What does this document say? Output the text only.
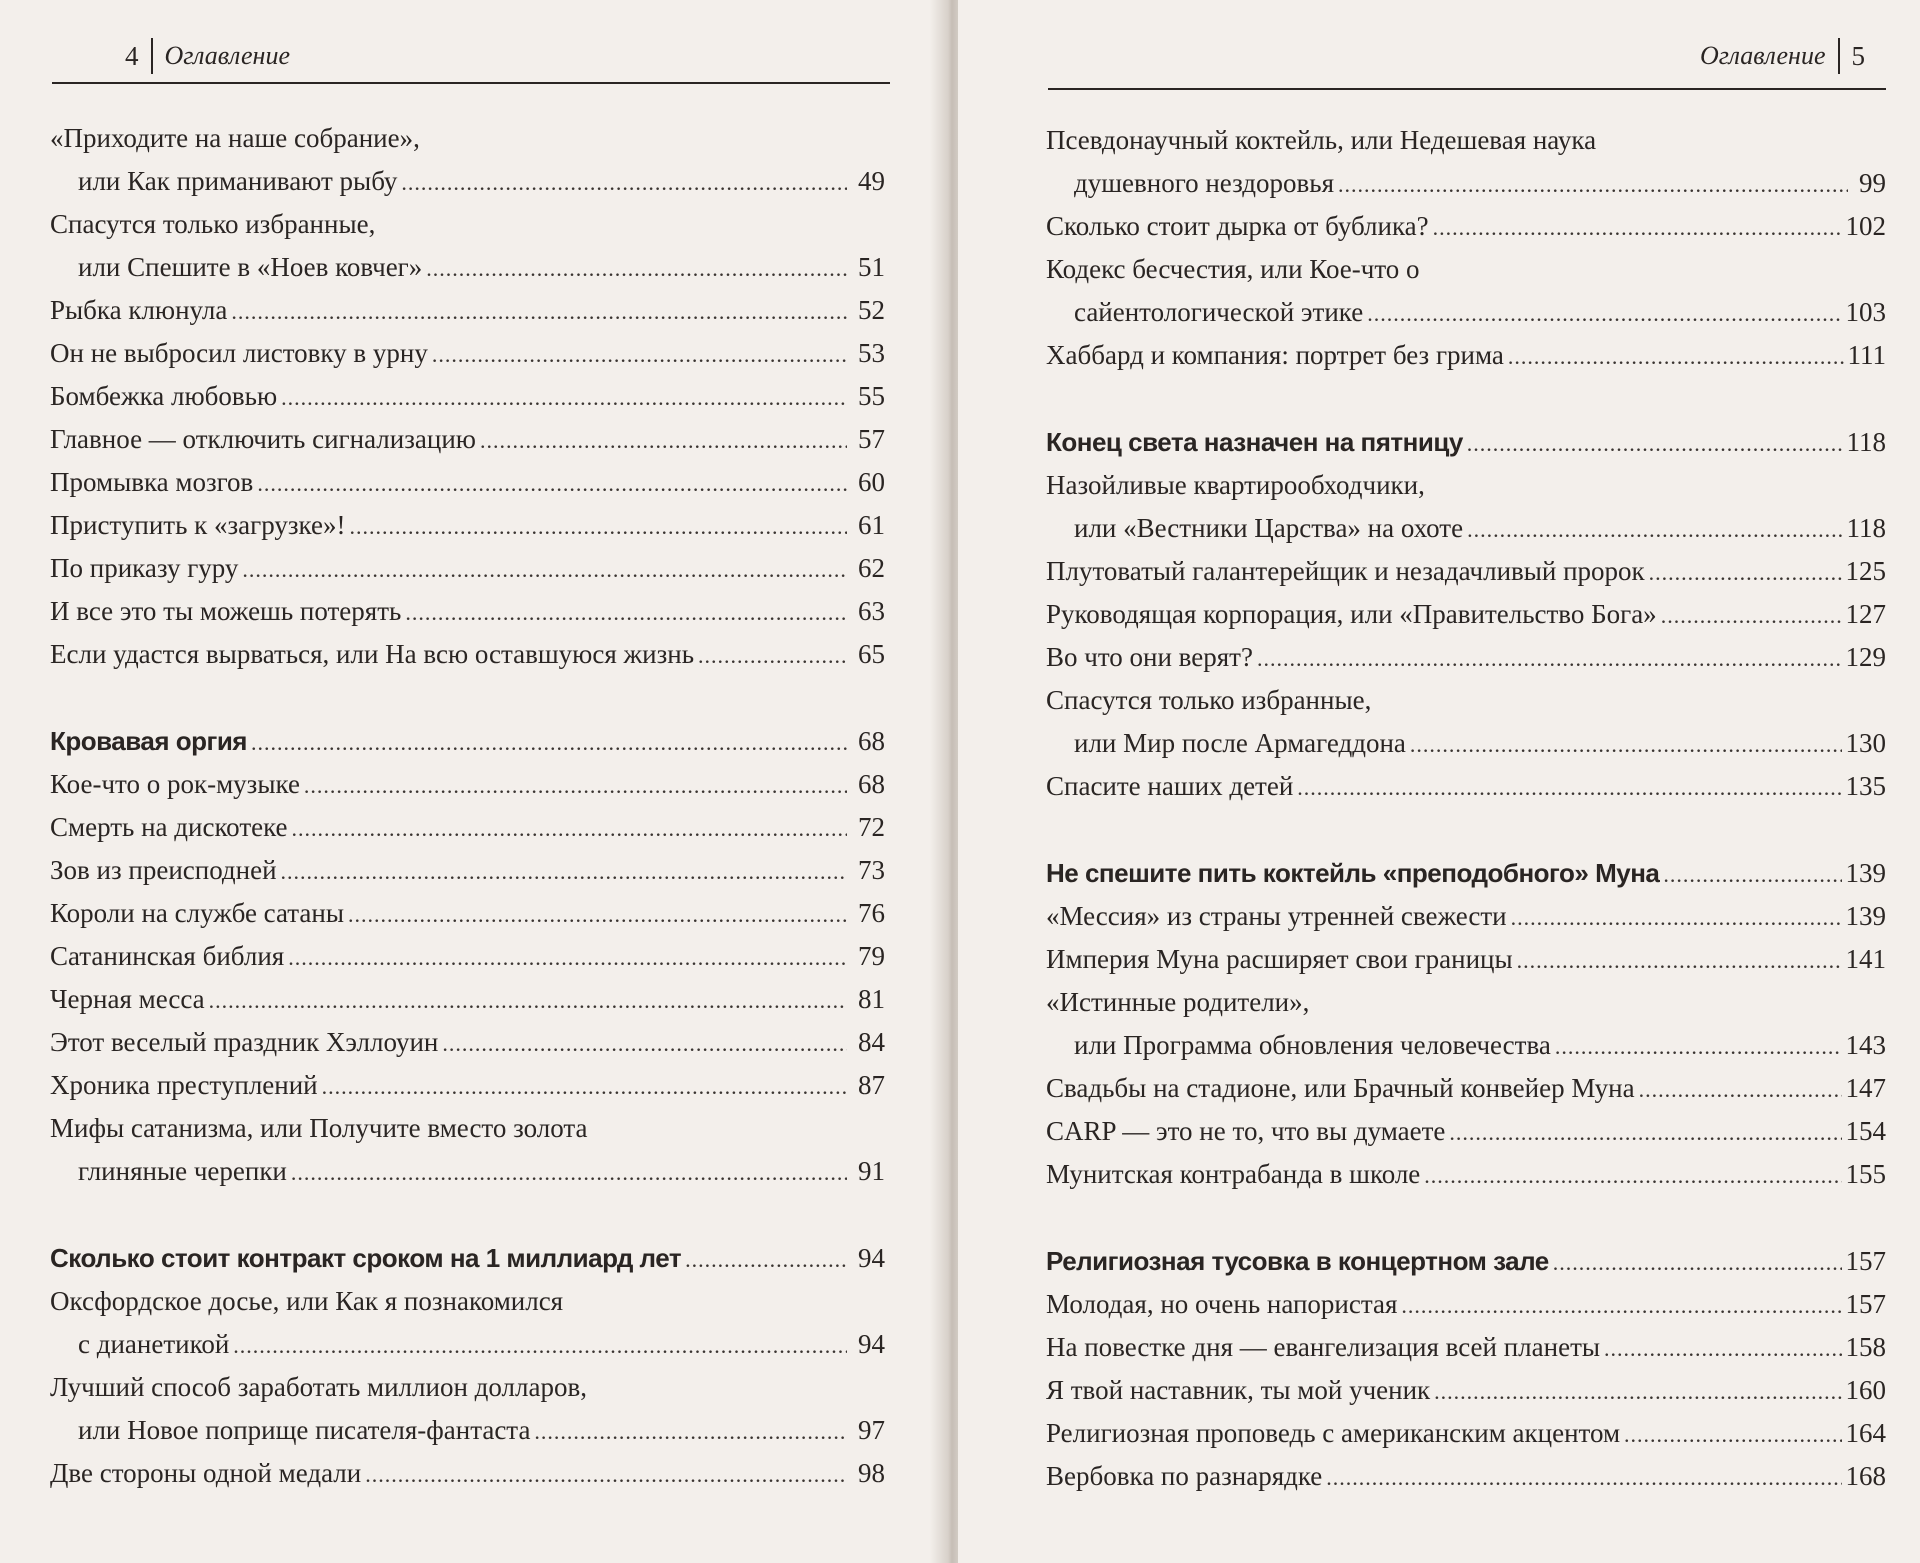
4 Оглавление
«Приходите на наше собрание»,
или Как приманивают рыбу .....	49
Спасутся только избранные,
или Спешите в «Ноев ковчег» .....	51
Рыбка клюнула .....	52
Он не выбросил листовку в урну .....	53
Бомбежка любовью .....	55
Главное — отключить сигнализацию .....	57
Промывка мозгов .....	60
Приступить к «загрузке»! .....	61
По приказу гуру .....	62
И все это ты можешь потерять .....	63
Если удастся вырваться, или На всю оставшуюся жизнь .....	65
Кровавая оргия .....	68
Кое-что о рок-музыке .....	68
Смерть на дискотеке .....	72
Зов из преисподней .....	73
Короли на службе сатаны .....	76
Сатанинская библия .....	79
Черная месса .....	81
Этот веселый праздник Хэллоуин .....	84
Хроника преступлений .....	87
Мифы сатанизма, или Получите вместо золота
глиняные черепки .....	91
Сколько стоит контракт сроком на 1 миллиард лет .....	94
Оксфордское досье, или Как я познакомился
с дианетикой .....	94
Лучший способ заработать миллион долларов,
или Новое поприще писателя-фантаста .....	97
Две стороны одной медали .....	98
Оглавление 5
Псевдонаучный коктейль, или Недешевая наука
душевного нездоровья .....	99
Сколько стоит дырка от бублика? .....	102
Кодекс бесчестия, или Кое-что о
сайентологической этике .....	103
Хаббард и компания: портрет без грима .....	111
Конец света назначен на пятницу .....	118
Назойливые квартирообходчики,
или «Вестники Царства» на охоте .....	118
Плутоватый галантерейщик и незадачливый пророк .....	125
Руководящая корпорация, или «Правительство Бога» .....	127
Во что они верят? .....	129
Спасутся только избранные,
или Мир после Армагеддона .....	130
Спасите наших детей .....	135
Не спешите пить коктейль «преподобного» Муна .....	139
«Мессия» из страны утренней свежести .....	139
Империя Муна расширяет свои границы .....	141
«Истинные родители»,
или Программа обновления человечества .....	143
Свадьбы на стадионе, или Брачный конвейер Муна .....	147
CARP — это не то, что вы думаете .....	154
Мунитская контрабанда в школе .....	155
Религиозная тусовка в концертном зале .....	157
Молодая, но очень напористая .....	157
На повестке дня — евангелизация всей планеты .....	158
Я твой наставник, ты мой ученик .....	160
Религиозная проповедь с американским акцентом .....	164
Вербовка по разнарядке .....	168
